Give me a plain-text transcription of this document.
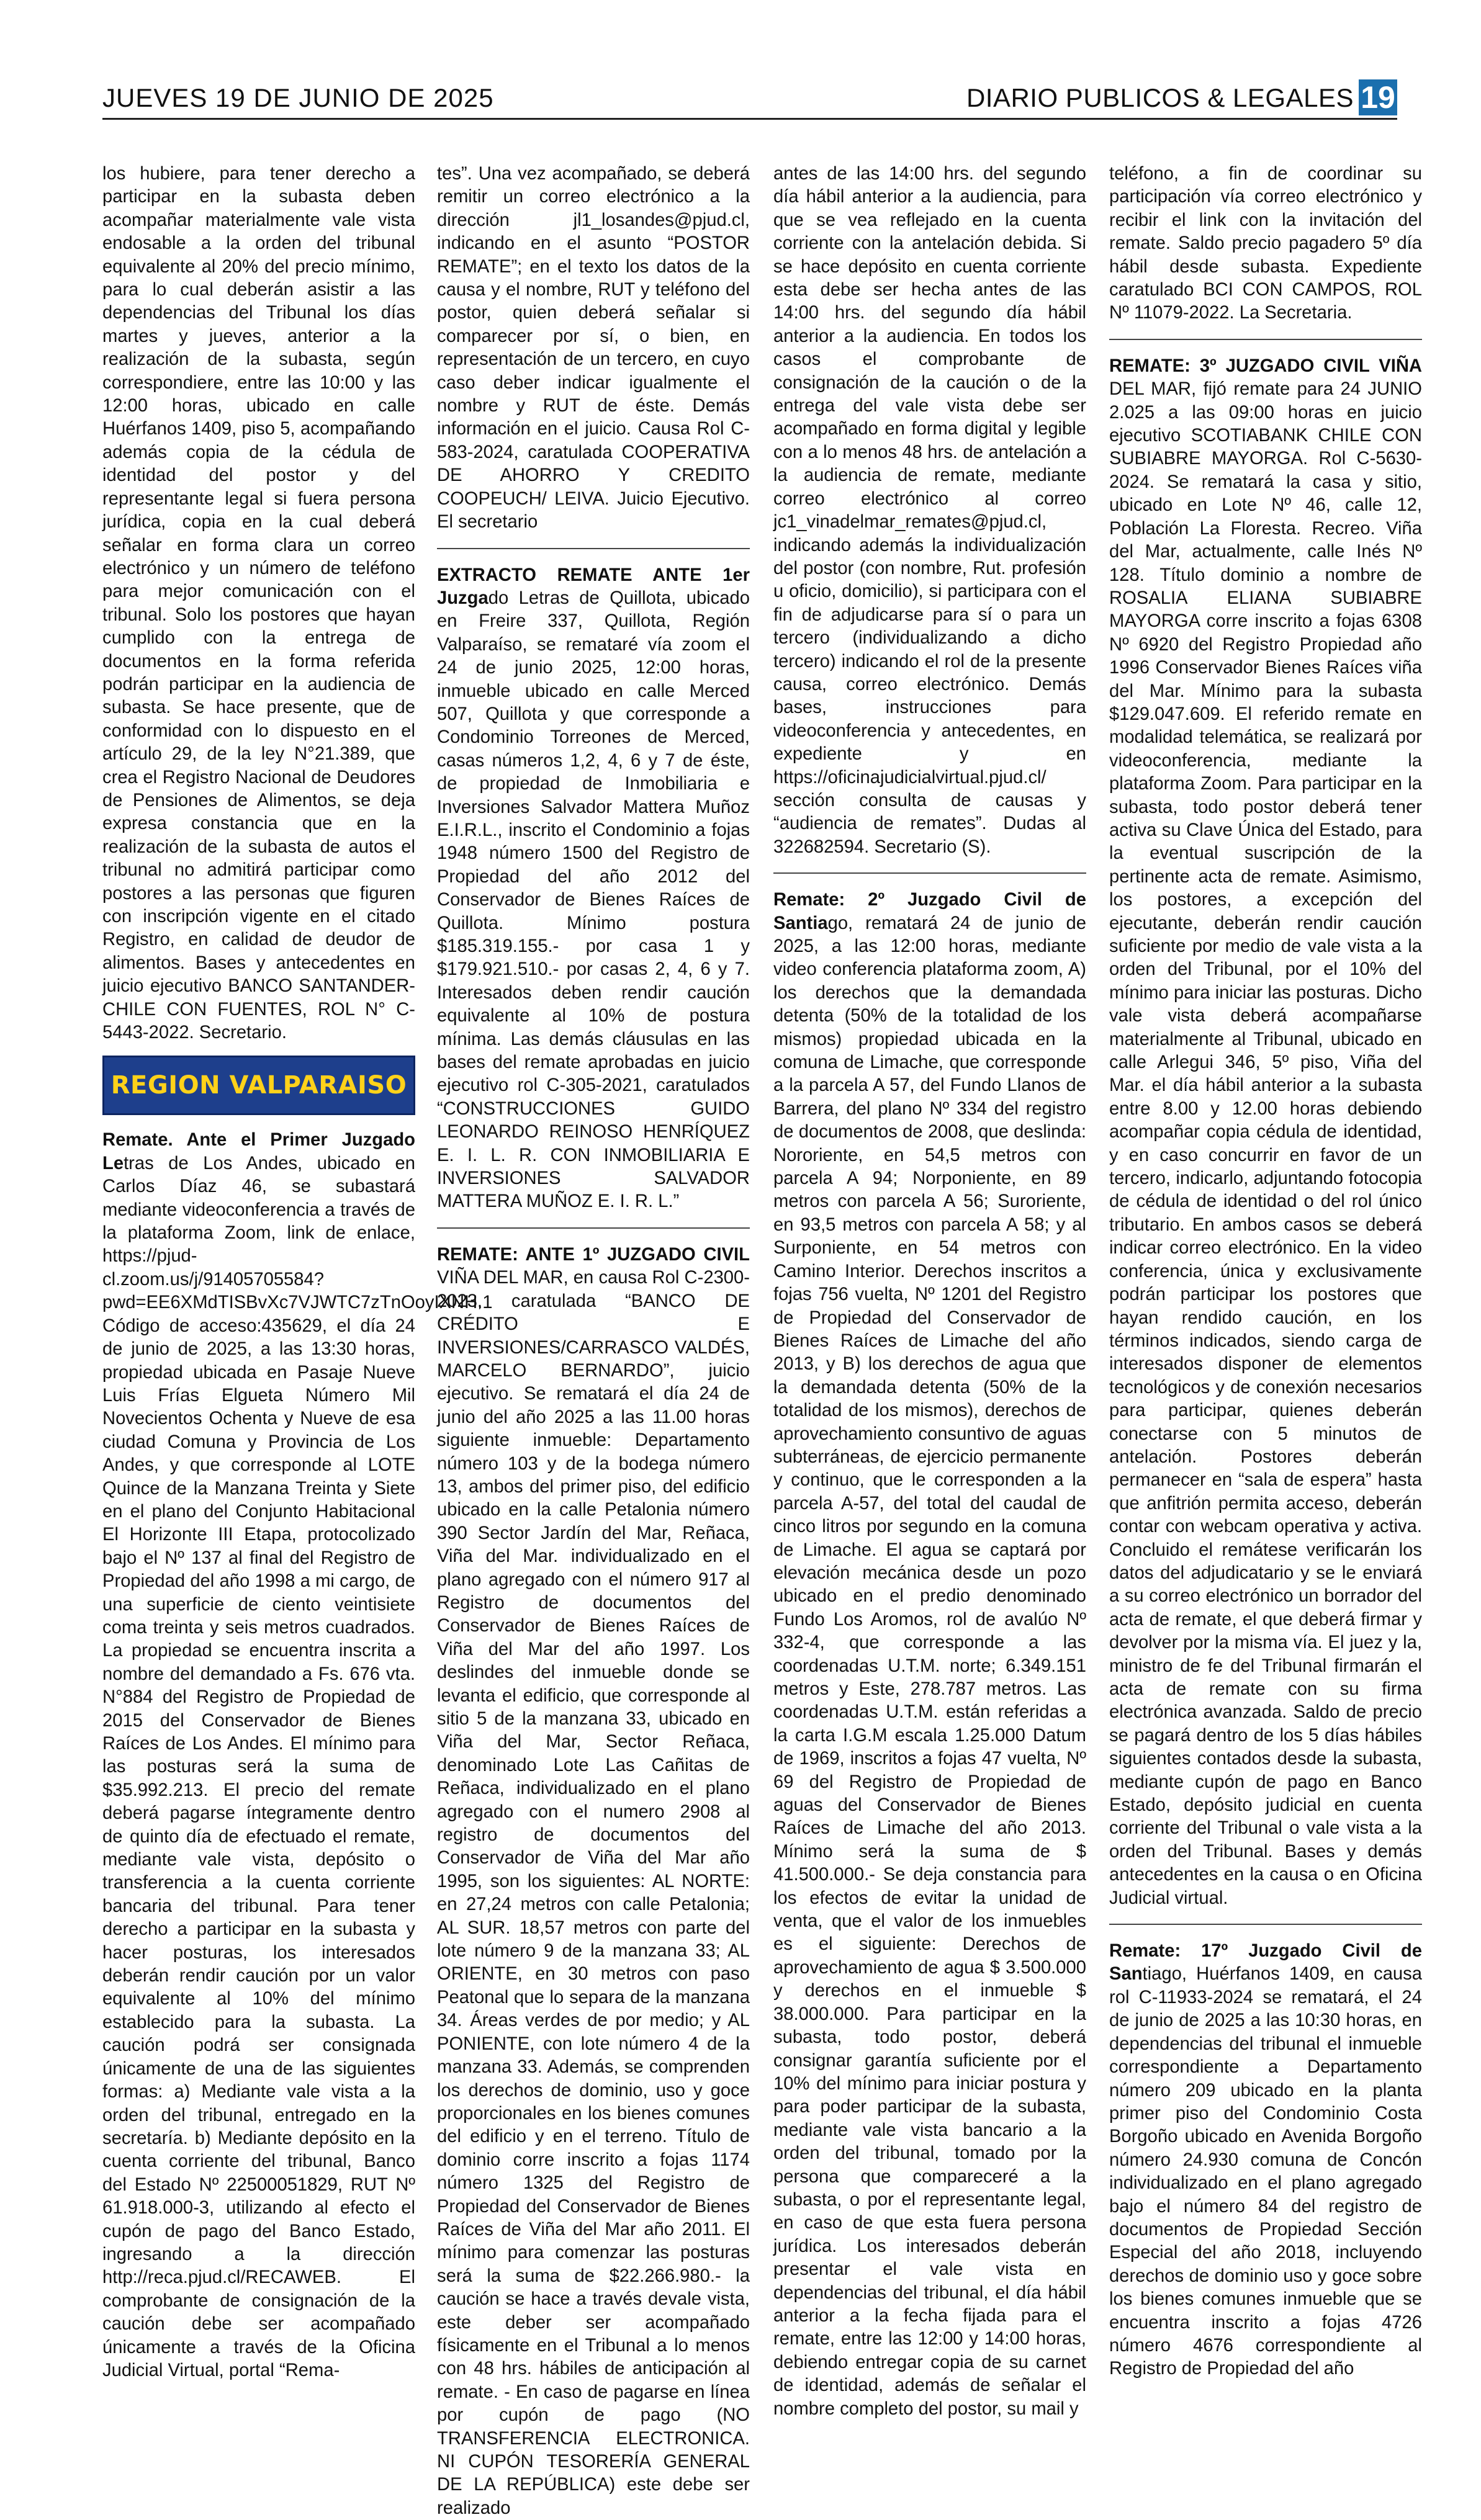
JUEVES 19 DE JUNIO DE 2025	DIARIO PUBLICOS & LEGALES 19

los hubiere, para tener derecho a participar en la subasta deben acompañar materialmente vale vista endosable a la orden del tribunal equivalente al 20% del precio mínimo, para lo cual deberán asistir a las dependencias del Tribunal los días martes y jueves, anterior a la realización de la subasta, según correspondiere, entre las 10:00 y las 12:00 horas, ubicado en calle Huérfanos 1409, piso 5, acompañando además copia de la cédula de identidad del postor y del representante legal si fuera persona jurídica, copia en la cual deberá señalar en forma clara un correo electrónico y un número de teléfono para mejor comunicación con el tribunal. Solo los postores que hayan cumplido con la entrega de documentos en la forma referida podrán participar en la audiencia de subasta. Se hace presente, que de conformidad con lo dispuesto en el artículo 29, de la ley N°21.389, que crea el Registro Nacional de Deudores de Pensiones de Alimentos, se deja expresa constancia que en la realización de la subasta de autos el tribunal no admitirá participar como postores a las personas que figuren con inscripción vigente en el citado Registro, en calidad de deudor de alimentos. Bases y antecedentes en juicio ejecutivo BANCO SANTANDER-CHILE CON FUENTES, ROL N° C-5443-2022. Secretario.

REGION VALPARAISO

Remate. Ante el Primer Juzgado Letras de Los Andes, ubicado en Carlos Díaz 46, se subastará mediante videoconferencia a través de la plataforma Zoom, link de enlace, https://pjud-cl.zoom.us/j/91405705584?pwd=EE6XMdTISBvXc7VJWTC7zTnOoyIXNH.1 Código de acceso:435629, el día 24 de junio de 2025, a las 13:30 horas, propiedad ubicada en Pasaje Nueve Luis Frías Elgueta Número Mil Novecientos Ochenta y Nueve de esa ciudad Comuna y Provincia de Los Andes, y que corresponde al LOTE Quince de la Manzana Treinta y Siete en el plano del Conjunto Habitacional El Horizonte III Etapa, protocolizado bajo el Nº 137 al final del Registro de Propiedad del año 1998 a mi cargo, de una superficie de ciento veintisiete coma treinta y seis metros cuadrados. La propiedad se encuentra inscrita a nombre del demandado a Fs. 676 vta. N°884 del Registro de Propiedad de 2015 del Conservador de Bienes Raíces de Los Andes. El mínimo para las posturas será la suma de $35.992.213. El precio del remate deberá pagarse íntegramente dentro de quinto día de efectuado el remate, mediante vale vista, depósito o transferencia a la cuenta corriente bancaria del tribunal. Para tener derecho a participar en la subasta y hacer posturas, los interesados deberán rendir caución por un valor equivalente al 10% del mínimo establecido para la subasta. La caución podrá ser consignada únicamente de una de las siguientes formas: a) Mediante vale vista a la orden del tribunal, entregado en la secretaría. b) Mediante depósito en la cuenta corriente del tribunal, Banco del Estado Nº 22500051829, RUT Nº 61.918.000-3, utilizando al efecto el cupón de pago del Banco Estado, ingresando a la dirección http://reca.pjud.cl/RECAWEB. El comprobante de consignación de la caución debe ser acompañado únicamente a través de la Oficina Judicial Virtual, portal “Rema-

tes”. Una vez acompañado, se deberá remitir un correo electrónico a la dirección jl1_losandes@pjud.cl, indicando en el asunto “POSTOR REMATE”; en el texto los datos de la causa y el nombre, RUT y teléfono del postor, quien deberá señalar si comparecer por sí, o bien, en representación de un tercero, en cuyo caso deber indicar igualmente el nombre y RUT de éste. Demás información en el juicio. Causa Rol C-583-2024, caratulada COOPERATIVA DE AHORRO Y CREDITO COOPEUCH/ LEIVA. Juicio Ejecutivo. El secretario

EXTRACTO REMATE ANTE 1er Juzgado Letras de Quillota, ubicado en Freire 337, Quillota, Región Valparaíso, se remataré vía zoom el 24 de junio 2025, 12:00 horas, inmueble ubicado en calle Merced 507, Quillota y que corresponde a Condominio Torreones de Merced, casas números 1,2, 4, 6 y 7 de éste, de propiedad de Inmobiliaria e Inversiones Salvador Mattera Muñoz E.I.R.L., inscrito el Condominio a fojas 1948 número 1500 del Registro de Propiedad del año 2012 del Conservador de Bienes Raíces de Quillota. Mínimo postura $185.319.155.- por casa 1 y $179.921.510.- por casas 2, 4, 6 y 7. Interesados deben rendir caución equivalente al 10% de postura mínima. Las demás cláusulas en las bases del remate aprobadas en juicio ejecutivo rol C-305-2021, caratulados “CONSTRUCCIONES GUIDO LEONARDO REINOSO HENRÍQUEZ E. I. L. R. CON INMOBILIARIA E INVERSIONES SALVADOR MATTERA MUÑOZ E. I. R. L.”

REMATE: ANTE 1º JUZGADO CIVIL VIÑA DEL MAR, en causa Rol C-2300-2023, caratulada “BANCO DE CRÉDITO E INVERSIONES/CARRASCO VALDÉS, MARCELO BERNARDO”, juicio ejecutivo. Se rematará el día 24 de junio del año 2025 a las 11.00 horas siguiente inmueble: Departamento número 103 y de la bodega número 13, ambos del primer piso, del edificio ubicado en la calle Petalonia número 390 Sector Jardín del Mar, Reñaca, Viña del Mar. individualizado en el plano agregado con el número 917 al Registro de documentos del Conservador de Bienes Raíces de Viña del Mar del año 1997. Los deslindes del inmueble donde se levanta el edificio, que corresponde al sitio 5 de la manzana 33, ubicado en Viña del Mar, Sector Reñaca, denominado Lote Las Cañitas de Reñaca, individualizado en el plano agregado con el numero 2908 al registro de documentos del Conservador de Viña del Mar año 1995, son los siguientes: AL NORTE: en 27,24 metros con calle Petalonia; AL SUR. 18,57 metros con parte del lote número 9 de la manzana 33; AL ORIENTE, en 30 metros con paso Peatonal que lo separa de la manzana 34. Áreas verdes de por medio; y AL PONIENTE, con lote número 4 de la manzana 33. Además, se comprenden los derechos de dominio, uso y goce proporcionales en los bienes comunes del edificio y en el terreno. Título de dominio corre inscrito a fojas 1174 número 1325 del Registro de Propiedad del Conservador de Bienes Raíces de Viña del Mar año 2011. El mínimo para comenzar las posturas será la suma de $22.266.980.- la caución se hace a través devale vista, este deber ser acompañado físicamente en el Tribunal a lo menos con 48 hrs. hábiles de anticipación al remate. - En caso de pagarse en línea por cupón de pago (NO TRANSFERENCIA ELECTRONICA. NI CUPÓN TESORERÍA GENERAL DE LA REPÚBLICA) este debe ser realizado

antes de las 14:00 hrs. del segundo día hábil anterior a la audiencia, para que se vea reflejado en la cuenta corriente con la antelación debida. Si se hace depósito en cuenta corriente esta debe ser hecha antes de las 14:00 hrs. del segundo día hábil anterior a la audiencia. En todos los casos el comprobante de consignación de la caución o de la entrega del vale vista debe ser acompañado en forma digital y legible con a lo menos 48 hrs. de antelación a la audiencia de remate, mediante correo electrónico al correo jc1_vinadelmar_remates@pjud.cl, indicando además la individualización del postor (con nombre, Rut. profesión u oficio, domicilio), si participara con el fin de adjudicarse para sí o para un tercero (individualizando a dicho tercero) indicando el rol de la presente causa, correo electrónico. Demás bases, instrucciones para videoconferencia y antecedentes, en expediente y en https://oficinajudicialvirtual.pjud.cl/ sección consulta de causas y “audiencia de remates”. Dudas al 322682594. Secretario (S).

Remate: 2º Juzgado Civil de Santiago, rematará 24 de junio de 2025, a las 12:00 horas, mediante video conferencia plataforma zoom, A) los derechos que la demandada detenta (50% de la totalidad de los mismos) propiedad ubicada en la comuna de Limache, que corresponde a la parcela A 57, del Fundo Llanos de Barrera, del plano Nº 334 del registro de documentos de 2008, que deslinda: Nororiente, en 54,5 metros con parcela A 94; Norponiente, en 89 metros con parcela A 56; Suroriente, en 93,5 metros con parcela A 58; y al Surponiente, en 54 metros con Camino Interior. Derechos inscritos a fojas 756 vuelta, Nº 1201 del Registro de Propiedad del Conservador de Bienes Raíces de Limache del año 2013, y B) los derechos de agua que la demandada detenta (50% de la totalidad de los mismos), derechos de aprovechamiento consuntivo de aguas subterráneas, de ejercicio permanente y continuo, que le corresponden a la parcela A-57, del total del caudal de cinco litros por segundo en la comuna de Limache. El agua se captará por elevación mecánica desde un pozo ubicado en el predio denominado Fundo Los Aromos, rol de avalúo Nº 332-4, que corresponde a las coordenadas U.T.M. norte; 6.349.151 metros y Este, 278.787 metros. Las coordenadas U.T.M. están referidas a la carta I.G.M escala 1.25.000 Datum de 1969, inscritos a fojas 47 vuelta, Nº 69 del Registro de Propiedad de aguas del Conservador de Bienes Raíces de Limache del año 2013. Mínimo será la suma de $ 41.500.000.- Se deja constancia para los efectos de evitar la unidad de venta, que el valor de los inmuebles es el siguiente: Derechos de aprovechamiento de agua $ 3.500.000 y derechos en el inmueble $ 38.000.000. Para participar en la subasta, todo postor, deberá consignar garantía suficiente por el 10% del mínimo para iniciar postura y para poder participar de la subasta, mediante vale vista bancario a la orden del tribunal, tomado por la persona que compareceré a la subasta, o por el representante legal, en caso de que esta fuera persona jurídica. Los interesados deberán presentar el vale vista en dependencias del tribunal, el día hábil anterior a la fecha fijada para el remate, entre las 12:00 y 14:00 horas, debiendo entregar copia de su carnet de identidad, además de señalar el nombre completo del postor, su mail y

teléfono, a fin de coordinar su participación vía correo electrónico y recibir el link con la invitación del remate. Saldo precio pagadero 5º día hábil desde subasta. Expediente caratulado BCI CON CAMPOS, ROL Nº 11079-2022. La Secretaria.

REMATE: 3º JUZGADO CIVIL VIÑA DEL MAR, fijó remate para 24 JUNIO 2.025 a las 09:00 horas en juicio ejecutivo SCOTIABANK CHILE CON SUBIABRE MAYORGA. Rol C-5630-2024. Se rematará la casa y sitio, ubicado en Lote Nº 46, calle 12, Población La Floresta. Recreo. Viña del Mar, actualmente, calle Inés Nº 128. Título dominio a nombre de ROSALIA ELIANA SUBIABRE MAYORGA corre inscrito a fojas 6308 Nº 6920 del Registro Propiedad año 1996 Conservador Bienes Raíces viña del Mar. Mínimo para la subasta $129.047.609. El referido remate en modalidad telemática, se realizará por videoconferencia, mediante la plataforma Zoom. Para participar en la subasta, todo postor deberá tener activa su Clave Única del Estado, para la eventual suscripción de la pertinente acta de remate. Asimismo, los postores, a excepción del ejecutante, deberán rendir caución suficiente por medio de vale vista a la orden del Tribunal, por el 10% del mínimo para iniciar las posturas. Dicho vale vista deberá acompañarse materialmente al Tribunal, ubicado en calle Arlegui 346, 5º piso, Viña del Mar. el día hábil anterior a la subasta entre 8.00 y 12.00 horas debiendo acompañar copia cédula de identidad, y en caso concurrir en favor de un tercero, indicarlo, adjuntando fotocopia de cédula de identidad o del rol único tributario. En ambos casos se deberá indicar correo electrónico. En la video conferencia, única y exclusivamente podrán participar los postores que hayan rendido caución, en los términos indicados, siendo carga de interesados disponer de elementos tecnológicos y de conexión necesarios para participar, quienes deberán conectarse con 5 minutos de antelación. Postores deberán permanecer en “sala de espera” hasta que anfitrión permita acceso, deberán contar con webcam operativa y activa. Concluido el remátese verificarán los datos del adjudicatario y se le enviará a su correo electrónico un borrador del acta de remate, el que deberá firmar y devolver por la misma vía. El juez y la, ministro de fe del Tribunal firmarán el acta de remate con su firma electrónica avanzada. Saldo de precio se pagará dentro de los 5 días hábiles siguientes contados desde la subasta, mediante cupón de pago en Banco Estado, depósito judicial en cuenta corriente del Tribunal o vale vista a la orden del Tribunal. Bases y demás antecedentes en la causa o en Oficina Judicial virtual.

Remate: 17º Juzgado Civil de Santiago, Huérfanos 1409, en causa rol C-11933-2024 se rematará, el 24 de junio de 2025 a las 10:30 horas, en dependencias del tribunal el inmueble correspondiente a Departamento número 209 ubicado en la planta primer piso del Condominio Costa Borgoño ubicado en Avenida Borgoño número 24.930 comuna de Concón individualizado en el plano agregado bajo el número 84 del registro de documentos de Propiedad Sección Especial del año 2018, incluyendo derechos de dominio uso y goce sobre los bienes comunes inmueble que se encuentra inscrito a fojas 4726 número 4676 correspondiente al Registro de Propiedad del año
